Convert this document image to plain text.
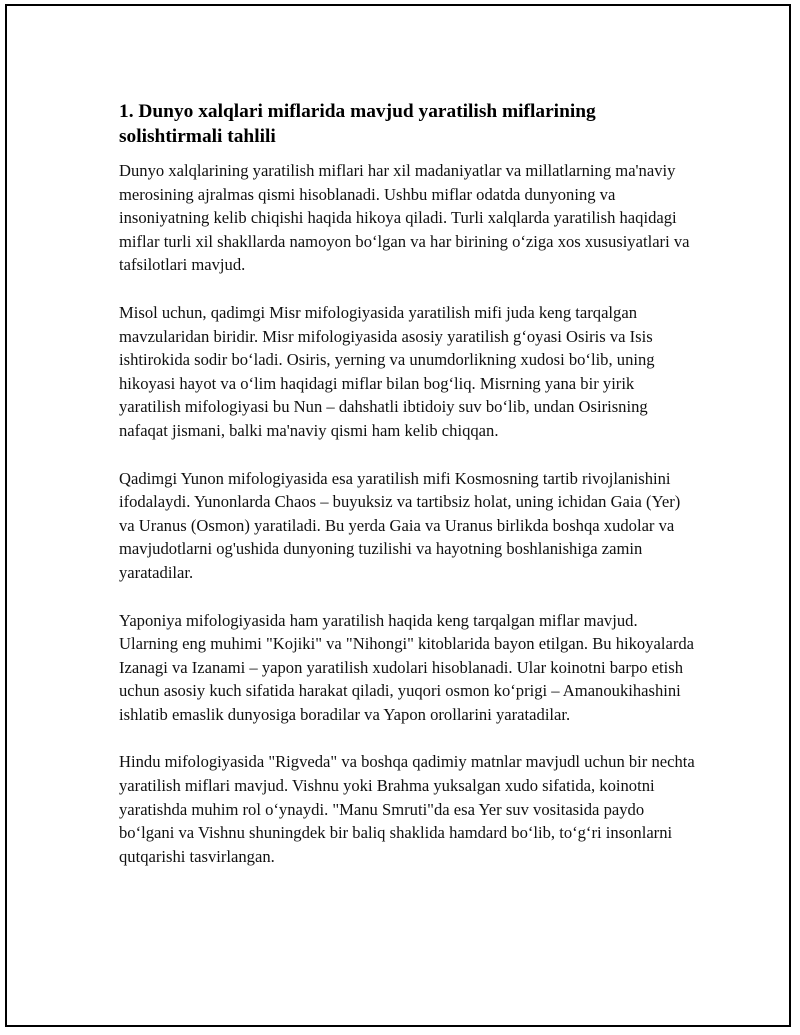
1. Dunyo xalqlari miflarida mavjud yaratilish miflarining solishtirmali tahlili

Dunyo xalqlarining yaratilish miflari har xil madaniyatlar va millatlarning ma'naviy merosining ajralmas qismi hisoblanadi. Ushbu miflar odatda dunyoning va insoniyatning kelib chiqishi haqida hikoya qiladi. Turli xalqlarda yaratilish haqidagi miflar turli xil shakllarda namoyon bo‘lgan va har birining o‘ziga xos xususiyatlari va tafsilotlari mavjud.

Misol uchun, qadimgi Misr mifologiyasida yaratilish mifi juda keng tarqalgan mavzularidan biridir. Misr mifologiyasida asosiy yaratilish g‘oyasi Osiris va Isis ishtirokida sodir bo‘ladi. Osiris, yerning va unumdorlikning xudosi bo‘lib, uning hikoyasi hayot va o‘lim haqidagi miflar bilan bog‘liq. Misrning yana bir yirik yaratilish mifologiyasi bu Nun – dahshatli ibtidoiy suv bo‘lib, undan Osirisning nafaqat jismani, balki ma'naviy qismi ham kelib chiqqan.

Qadimgi Yunon mifologiyasida esa yaratilish mifi Kosmosning tartib rivojlanishini ifodalaydi. Yunonlarda Chaos – buyuksiz va tartibsiz holat, uning ichidan Gaia (Yer) va Uranus (Osmon) yaratiladi. Bu yerda Gaia va Uranus birlikda boshqa xudolar va mavjudotlarni og'ushida dunyoning tuzilishi va hayotning boshlanishiga zamin yaratadilar.

Yaponiya mifologiyasida ham yaratilish haqida keng tarqalgan miflar mavjud. Ularning eng muhimi "Kojiki" va "Nihongi" kitoblarida bayon etilgan. Bu hikoyalarda Izanagi va Izanami – yapon yaratilish xudolari hisoblanadi. Ular koinotni barpo etish uchun asosiy kuch sifatida harakat qiladi, yuqori osmon ko‘prigi – Amanoukihashini ishlatib emaslik dunyosiga boradilar va Yapon orollarini yaratadilar.

Hindu mifologiyasida "Rigveda" va boshqa qadimiy matnlar mavjudl uchun bir nechta yaratilish miflari mavjud. Vishnu yoki Brahma yuksalgan xudo sifatida, koinotni yaratishda muhim rol o‘ynaydi. "Manu Smruti"da esa Yer suv vositasida paydo bo‘lgani va Vishnu shuningdek bir baliq shaklida hamdard bo‘lib, to‘g‘ri insonlarni qutqarishi tasvirlangan.
